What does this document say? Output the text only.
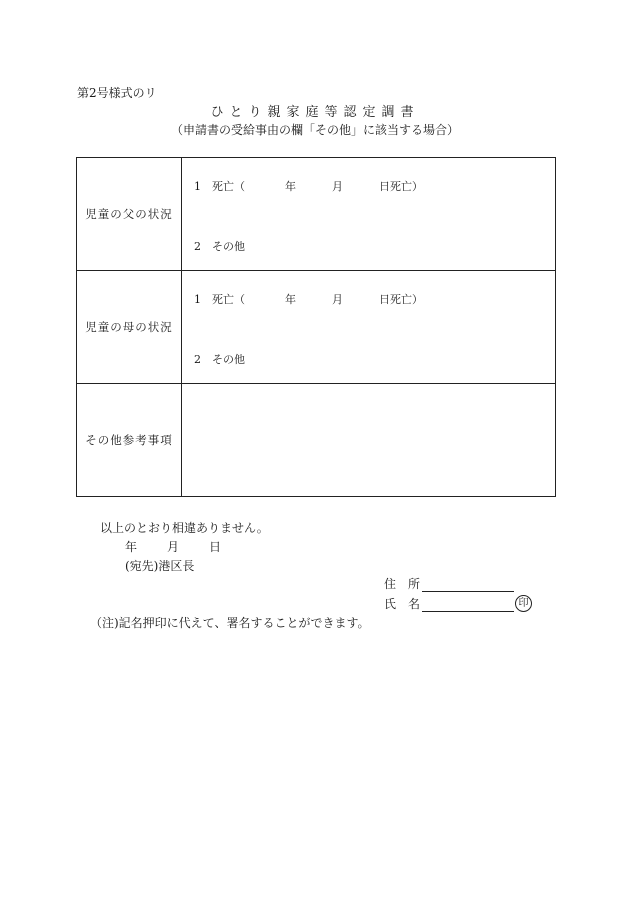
第2号様式のリ
ひとり親家庭等認定調書
（申請書の受給事由の欄「その他」に該当する場合）
児童の父の状況	1　死亡（ 年 月 日死亡）
2　その他

児童の母の状況	1　死亡（ 年 月 日死亡）
2　その他

その他参考事項	
以上のとおり相違ありません。
年	月	日
(宛先)港区長
住　所
氏　名	印
（注)記名押印に代えて、署名することができます。
